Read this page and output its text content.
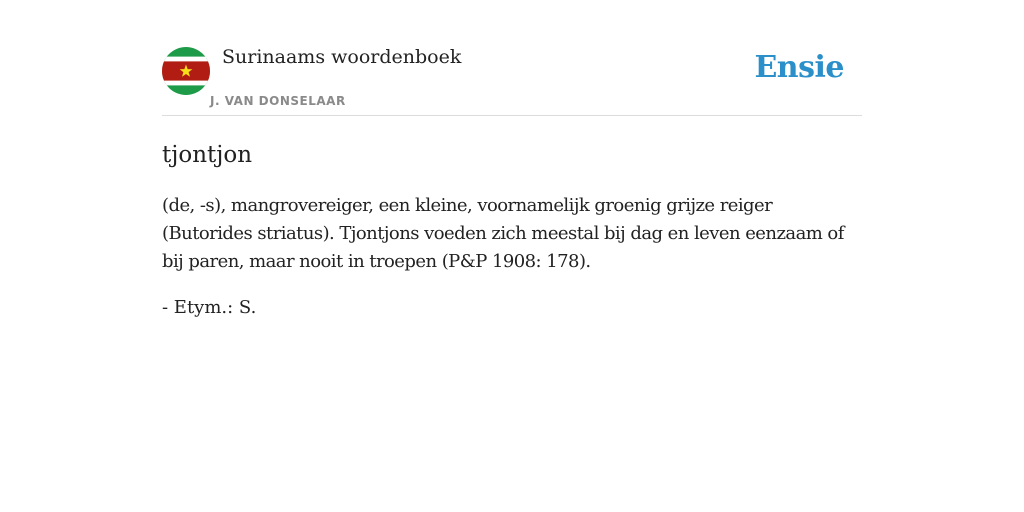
Surinaams woordenboek
J. VAN DONSELAAR
Ensie
tjontjon

(de, -s), mangrovereiger, een kleine, voornamelijk groenig grijze reiger (Butorides striatus). Tjontjons voeden zich meestal bij dag en leven eenzaam of bij paren, maar nooit in troepen (P&P 1908: 178).

- Etym.: S.
